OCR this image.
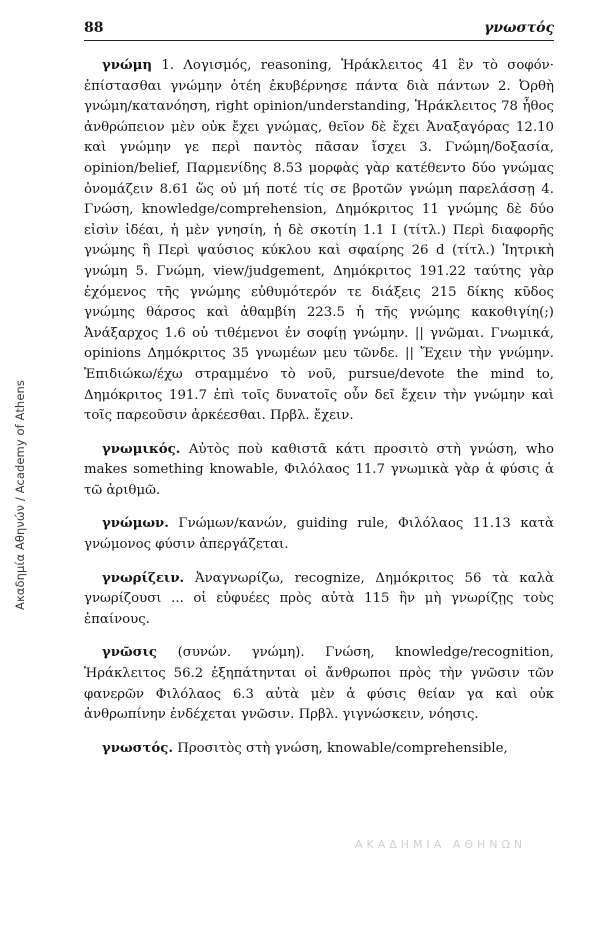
Ακαδημία Αθηνών / Academy of Athens
88	γνωστός

γνώμη 1. Λογισμός, reasoning, Ἡράκλειτος 41 ἓν τὸ σοφόν· ἐπίστασθαι γνώμην ὁτέη ἐκυβέρνησε πάντα διὰ πάντων 2. Ὀρθὴ γνώμη/κατανόηση, right opinion/understanding, Ἡράκλειτος 78 ἦθος ἀνθρώπειον μὲν οὐκ ἔχει γνώμας, θεῖον δὲ ἔχει Ἀναξαγόρας 12.10 καὶ γνώμην γε περὶ παντὸς πᾶσαν ἴσχει 3. Γνώμη/δοξασία, opinion/belief, Παρμενίδης 8.53 μορφὰς γὰρ κατέθεντο δύο γνώμας ὀνομάζειν 8.61 ὥς οὐ μή ποτέ τίς σε βροτῶν γνώμη παρελάσσῃ 4. Γνώση, knowledge/comprehension, Δημόκριτος 11 γνώμης δὲ δύο εἰσὶν ἰδέαι, ἡ μὲν γνησίη, ἡ δὲ σκοτίη 1.1 I (τίτλ.) Περὶ διαφορῆς γνώμης ἢ Περὶ ψαύσιος κύκλου καὶ σφαίρης 26 d (τίτλ.) Ἰητρικὴ γνώμη 5. Γνώμη, view/judgement, Δημόκριτος 191.22 ταύτης γὰρ ἐχόμενος τῆς γνώμης εὐθυμότερόν τε διάξεις 215 δίκης κῦδος γνώμης θάρσος καὶ ἀθαμβίη 223.5 ἡ τῆς γνώμης κακοθιγίη(;) Ἀνάξαρχος 1.6 οὐ τιθέμενοι ἐν σοφίῃ γνώμην. || γνῶμαι. Γνωμικά, opinions Δημόκριτος 35 γνωμέων μευ τῶνδε. || Ἔχειν τὴν γνώμην. Ἐπιδιώκω/έχω στραμμένο τὸ νοῦ, pursue/devote the mind to, Δημόκριτος 191.7 ἐπὶ τοῖς δυνατοῖς οὖν δεῖ ἔχειν τὴν γνώμην καὶ τοῖς παρεοῦσιν ἀρκέεσθαι. Πρβλ. ἔχειν.

γνωμικός. Αὐτὸς ποὺ καθιστᾶ κάτι προσιτὸ στὴ γνώση, who makes something knowable, Φιλόλαος 11.7 γνωμικὰ γὰρ ἁ φύσις ἁ τῶ ἀριθμῶ.

γνώμων. Γνώμων/κανών, guiding rule, Φιλόλαος 11.13 κατὰ γνώμονος φύσιν ἀπεργάζεται.

γνωρίζειν. Ἀναγνωρίζω, recognize, Δημόκριτος 56 τὰ καλὰ γνωρίζουσι ... οἱ εὐφυέες πρὸς αὐτὰ 115 ἣν μὴ γνωρίζῃς τοὺς ἐπαίνους.

γνῶσις (συνών. γνώμη). Γνώση, knowledge/recognition, Ἡράκλειτος 56.2 ἐξηπάτηνται οἱ ἄνθρωποι πρὸς τὴν γνῶσιν τῶν φανερῶν Φιλόλαος 6.3 αὐτὰ μὲν ἁ φύσις θείαν γα καὶ οὐκ ἀνθρωπίνην ἐνδέχεται γνῶσιν. Πρβλ. γιγνώσκειν, νόησις.

γνωστός. Προσιτὸς στὴ γνώση, knowable/comprehensible,

ΑΚΑΔΗΜΙΑ ΑΘΗΝΩΝ
